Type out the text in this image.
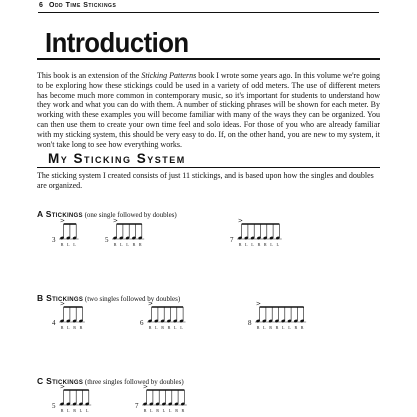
6 Odd Time Stickings
Introduction

This book is an extension of the Sticking Patterns book I wrote some years ago. In this volume we're going to be exploring how these stickings could be used in a variety of odd meters. The use of different meters has become much more common in contemporary music, so it's important for students to understand how they work and what you can do with them. A number of sticking phrases will be shown for each meter. By working with these examples you will become familiar with many of the ways they can be organized. You can then use them to create your own time feel and solo ideas. For those of you who are already familiar with my sticking system, this should be very easy to do. If, on the other hand, you are new to my system, it won't take long to see how everything works.

My Sticking System

The sticking system I created consists of just 11 stickings, and is based upon how the singles and doubles are organized.

A Stickings (one single followed by doubles)
B Stickings (two singles followed by doubles)
C Stickings (three singles followed by doubles)
3
R L L
5
R L L R R
7
R L L R R L L
4
R L R R
6
R L R R L L
8
R L R R L L R R
5
R L R L L
7
R L R L L R R
